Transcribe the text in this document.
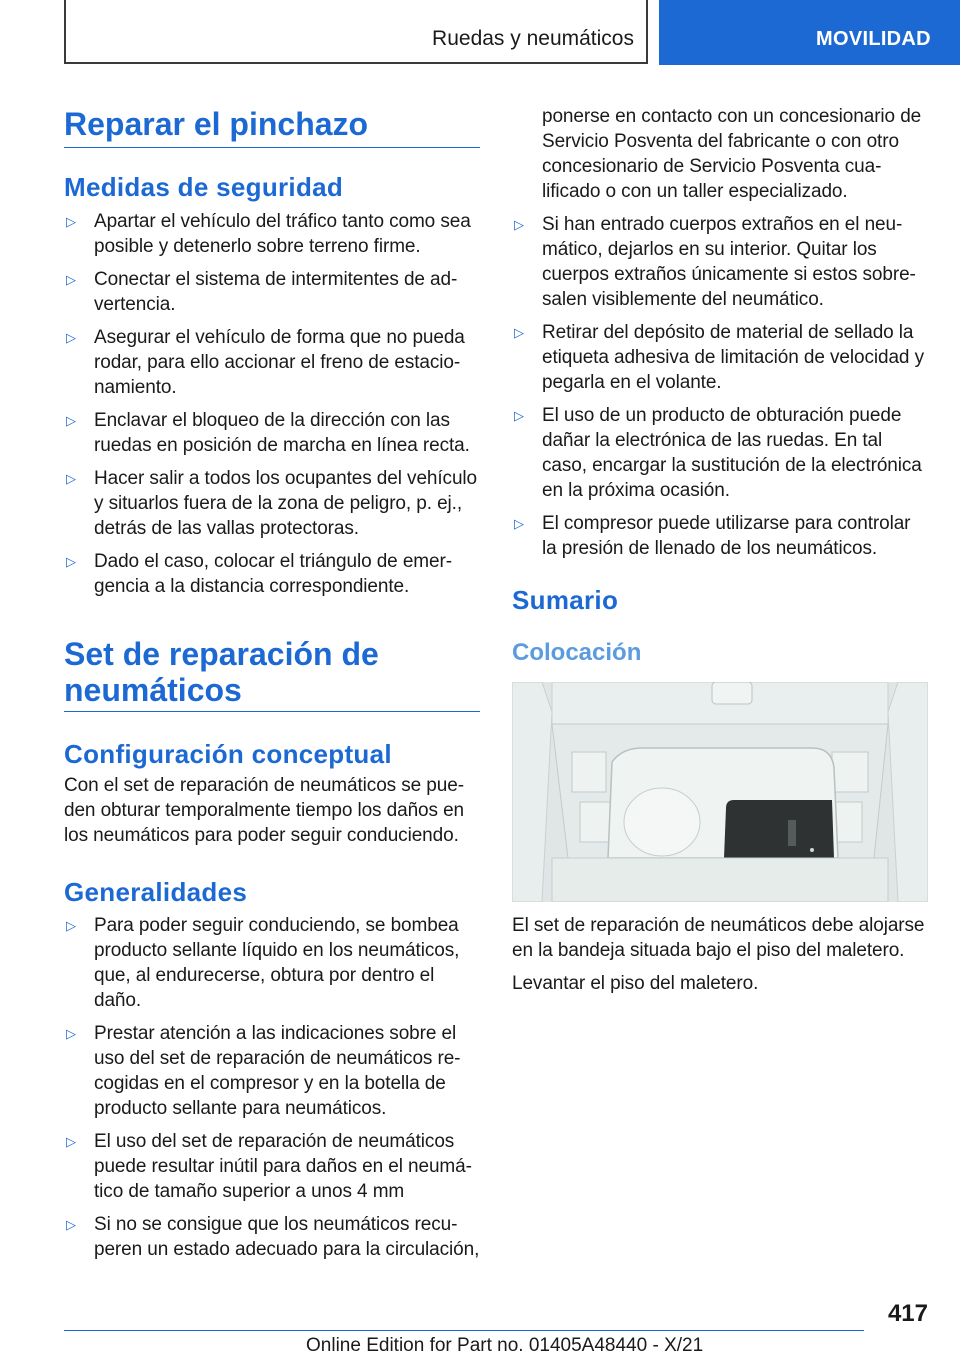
Ruedas y neumáticos	MOVILIDAD
Reparar el pinchazo
Medidas de seguridad
▷ Apartar el vehículo del tráfico tanto como sea posible y detenerlo sobre terreno firme.
▷ Conectar el sistema de intermitentes de ad‐ vertencia.
▷ Asegurar el vehículo de forma que no pueda rodar, para ello accionar el freno de estacio‐ namiento.
▷ Enclavar el bloqueo de la dirección con las ruedas en posición de marcha en línea recta.
▷ Hacer salir a todos los ocupantes del vehículo y situarlos fuera de la zona de peligro, p. ej., detrás de las vallas protectoras.
▷ Dado el caso, colocar el triángulo de emer‐ gencia a la distancia correspondiente.
Set de reparación de neumáticos
Configuración conceptual

Con el set de reparación de neumáticos se pue‐ den obturar temporalmente tiempo los daños en los neumáticos para poder seguir conduciendo.

Generalidades
▷ Para poder seguir conduciendo, se bombea producto sellante líquido en los neumáticos, que, al endurecerse, obtura por dentro el daño.
▷ Prestar atención a las indicaciones sobre el uso del set de reparación de neumáticos re‐ cogidas en el compresor y en la botella de producto sellante para neumáticos.
▷ El uso del set de reparación de neumáticos puede resultar inútil para daños en el neumá‐ tico de tamaño superior a unos 4 mm
▷ Si no se consigue que los neumáticos recu‐ peren un estado adecuado para la circulación,

ponerse en contacto con un concesionario de Servicio Posventa del fabricante o con otro concesionario de Servicio Posventa cua‐ lificado o con un taller especializado.

▷ Si han entrado cuerpos extraños en el neu‐ mático, dejarlos en su interior. Quitar los cuerpos extraños únicamente si estos sobre‐ salen visiblemente del neumático.
▷ Retirar del depósito de material de sellado la etiqueta adhesiva de limitación de velocidad y pegarla en el volante.
▷ El uso de un producto de obturación puede dañar la electrónica de las ruedas. En tal caso, encargar la sustitución de la electrónica en la próxima ocasión.
▷ El compresor puede utilizarse para controlar la presión de llenado de los neumáticos.
Sumario
Colocación

El set de reparación de neumáticos debe alojarse en la bandeja situada bajo el piso del maletero.

Levantar el piso del maletero.

417
Online Edition for Part no. 01405A48440 - X/21
